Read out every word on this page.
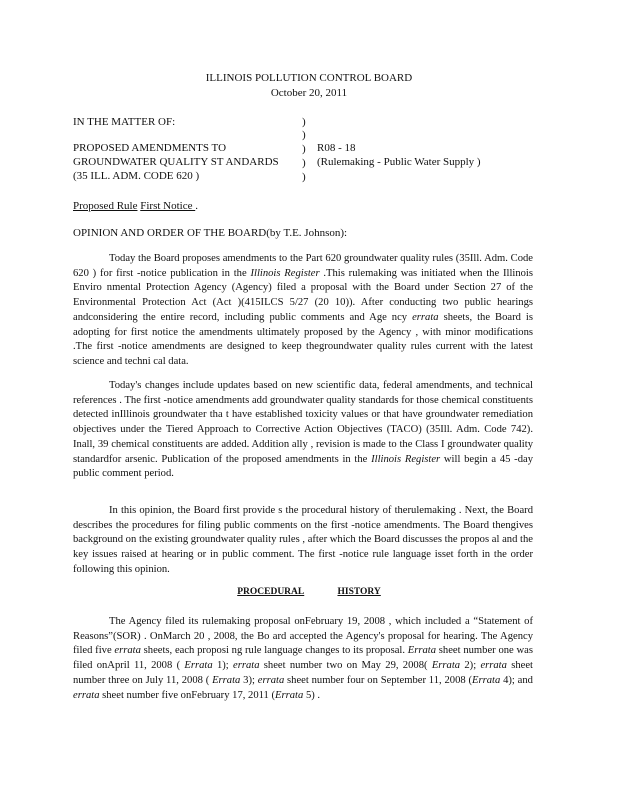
ILLINOIS POLLUTION CONTROL BOARD
October 20, 2011
IN THE MATTER OF:
PROPOSED AMENDMENTS TO
GROUNDWATER QUALITY ST ANDARDS
(35 ILL. ADM. CODE 620 )
)
)
)
)
)
R08 - 18
(Rulemaking - Public Water Supply )
Proposed Rule First Notice .
OPINION AND ORDER OF THE BOARD(by T.E. Johnson):

Today the Board proposes amendments to the Part 620 groundwater quality rules (35Ill. Adm. Code 620 ) for first -notice publication in the Illinois Register .This rulemaking was initiated when the Illinois Enviro nmental Protection Agency (Agency) filed a proposal with the Board under Section 27 of the Environmental Protection Act (Act )(415ILCS 5/27 (20 10)). After conducting two public hearings andconsidering the entire record, including public comments and Age ncy errata sheets, the Board is adopting for first notice the amendments ultimately proposed by the Agency , with minor modifications .The first -notice amendments are designed to keep thegroundwater quality rules current with the latest science and techni cal data.

Today's changes include updates based on new scientific data, federal amendments, and technical references . The first -notice amendments add groundwater quality standards for those chemical constituents detected inIllinois groundwater tha t have established toxicity values or that have groundwater remediation objectives under the Tiered Approach to Corrective Action Objectives (TACO) (35Ill. Adm. Code 742). Inall, 39 chemical constituents are added. Addition ally , revision is made to the Class I groundwater quality standardfor arsenic. Publication of the proposed amendments in the Illinois Register will begin a 45 -day public comment period.

In this opinion, the Board first provide s the procedural history of therulemaking . Next, the Board describes the procedures for filing public comments on the first -notice amendments. The Board thengives background on the existing groundwater quality rules , after which the Board discusses the propos al and the key issues raised at hearing or in public comment. The first -notice rule language isset forth in the order following this opinion.

PROCEDURAL	HISTORY

The Agency filed its rulemaking proposal onFebruary 19, 2008 , which included a “Statement of Reasons”(SOR) . OnMarch 20 , 2008, the Bo ard accepted the Agency's proposal for hearing. The Agency filed five errata sheets, each proposi ng rule language changes to its proposal. Errata sheet number one was filed onApril 11, 2008 ( Errata 1); errata sheet number two on May 29, 2008( Errata 2); errata sheet number three on July 11, 2008 ( Errata 3); errata sheet number four on September 11, 2008 (Errata 4); and errata sheet number five onFebruary 17, 2011 (Errata 5) .
